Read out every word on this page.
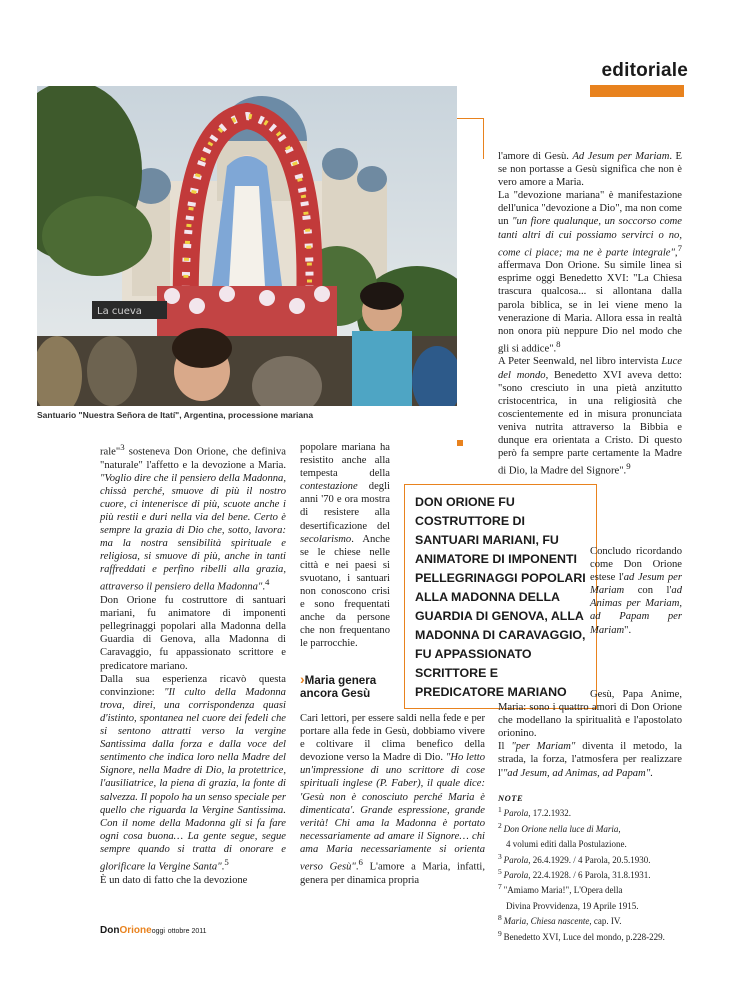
editoriale
La cueva
Santuario "Nuestra Señora de Itatí", Argentina, processione mariana

rale"$^3$ sosteneva Don Orione, che definiva "naturale" l'affetto e la devozione a Maria. "Voglio dire che il pensiero della Madonna, chissà perché, smuove di più il nostro cuore, ci intenerisce di più, scuote anche i più restii e duri nella via del bene. Certo è sempre la grazia di Dio che, sotto, lavora: ma la nostra sensibilità spirituale e religiosa, si smuove di più, anche in tanti raffreddati e perfino ribelli alla grazia, attraverso il pensiero della Madonna".$^4$

Don Orione fu costruttore di santuari mariani, fu animatore di imponenti pellegrinaggi popolari alla Madonna della Guardia di Genova, alla Madonna di Caravaggio, fu appassionato scrittore e predicatore mariano.

Dalla sua esperienza ricavò questa convinzione: "Il culto della Madonna trova, direi, una corrispondenza quasi d'istinto, spontanea nel cuore dei fedeli che si sentono attratti verso la vergine Santissima dalla forza e dalla voce del sentimento che indica loro nella Madre del Signore, nella Madre di Dio, la protettrice, l'ausiliatrice, la piena di grazia, la fonte di salvezza. Il popolo ha un senso speciale per quello che riguarda la Vergine Santissima. Con il nome della Madonna gli si fa fare ogni cosa buona… La gente segue, segue sempre quando si tratta di onorare e glorificare la Vergine Santa".$^5$

È un dato di fatto che la devozione

popolare mariana ha resistito anche alla tempesta della contestazione degli anni '70 e ora mostra di resistere alla desertificazione del secolarismo. Anche se le chiese nelle città e nei paesi si svuotano, i santuari non conoscono crisi e sono frequentati anche da persone che non frequentano le parrocchie.

›Maria genera ancora Gesù

Cari lettori, per essere saldi nella fede e per portare alla fede in Gesù, dobbiamo vivere e coltivare il clima benefico della devozione verso la Madre di Dio. "Ho letto un'impressione di uno scrittore di cose spirituali inglese (P. Faber), il quale dice: 'Gesù non è conosciuto perché Maria è dimenticata'. Grande espressione, grande verità! Chi ama la Madonna è portato necessariamente ad amare il Signore… chi ama Maria necessariamente si orienta verso Gesù".$^6$ L'amore a Maria, infatti, genera per dinamica propria

DON ORIONE FU COSTRUTTORE DI SANTUARI MARIANI, FU ANIMATORE DI IMPONENTI PELLEGRINAGGI POPOLARI ALLA MADONNA DELLA GUARDIA DI GENOVA, ALLA MADONNA DI CARAVAGGIO, FU APPASSIONATO SCRITTORE E PREDICATORE MARIANO

l'amore di Gesù. Ad Jesum per Mariam. E se non portasse a Gesù significa che non è vero amore a Maria.

La "devozione mariana" è manifestazione dell'unica "devozione a Dio", ma non come un "un fiore qualunque, un soccorso come tanti altri di cui possiamo servirci o no, come ci piace; ma ne è parte integrale",$^7$ affermava Don Orione. Su simile linea si esprime oggi Benedetto XVI: "La Chiesa trascura qualcosa... si allontana dalla parola biblica, se in lei viene meno la venerazione di Maria. Allora essa in realtà non onora più neppure Dio nel modo che gli si addice".$^8$

A Peter Seenwald, nel libro intervista Luce del mondo, Benedetto XVI aveva detto: "sono cresciuto in una pietà anzitutto cristocentrica, in una religiosità che coscientemente ed in misura pronunciata veniva nutrita attraverso la Bibbia e dunque era orientata a Cristo. Di questo però fa sempre parte certamente la Madre di Dio, la Madre del Signore".$^9$

Concludo ricordando come Don Orione estese l'ad Jesum per Mariam con l'ad Animas per Mariam, ad Papam per Mariam".

Gesù, Papa Anime, Maria: sono i quattro amori di Don Orione che modellano la spiritualità e l'apostolato orionino.

Il "per Mariam" diventa il metodo, la strada, la forza, l'atmosfera per realizzare l'"ad Jesum, ad Animas, ad Papam".

NOTE
$^1$ Parola, 17.2.1932.
$^2$ Don Orione nella luce di Maria,
4 volumi editi dalla Postulazione.
$^3$ Parola, 26.4.1929. / 4 Parola, 20.5.1930.
$^5$ Parola, 22.4.1928. / 6 Parola, 31.8.1931.
$^7$ "Amiamo Maria!", L'Opera della
Divina Provvidenza, 19 Aprile 1915.
$^8$ Maria, Chiesa nascente, cap. IV.
$^9$ Benedetto XVI, Luce del mondo, p.228-229.
DonOrioneoggi ottobre 2011
